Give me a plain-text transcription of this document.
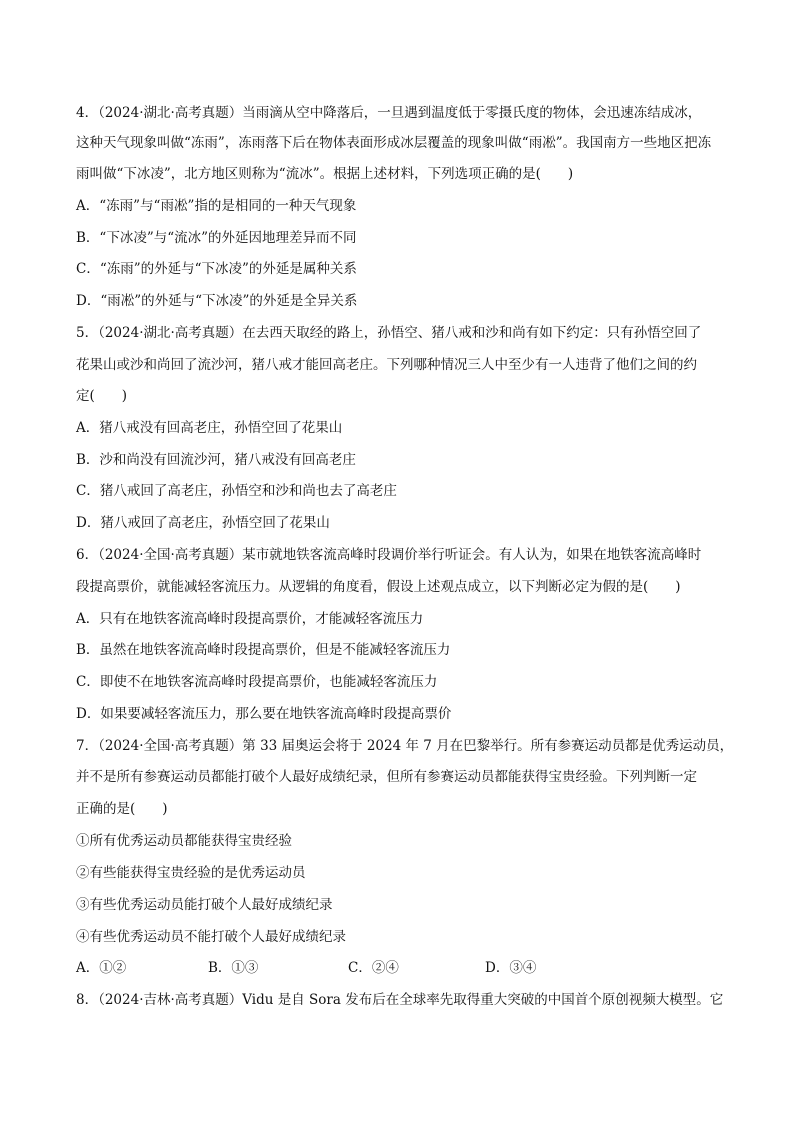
4．（2024·湖北·高考真题）当雨滴从空中降落后，一旦遇到温度低于零摄氏度的物体，会迅速冻结成冰，
这种天气现象叫做“冻雨”，冻雨落下后在物体表面形成冰层覆盖的现象叫做“雨凇”。我国南方一些地区把冻
雨叫做“下冰凌”，北方地区则称为“流冰”。根据上述材料，下列选项正确的是(　　)
A．“冻雨”与“雨凇”指的是相同的一种天气现象
B．“下冰凌”与“流冰”的外延因地理差异而不同
C．“冻雨”的外延与“下冰凌”的外延是属种关系
D．“雨凇”的外延与“下冰凌”的外延是全异关系
5．（2024·湖北·高考真题）在去西天取经的路上，孙悟空、猪八戒和沙和尚有如下约定：只有孙悟空回了
花果山或沙和尚回了流沙河，猪八戒才能回高老庄。下列哪种情况三人中至少有一人违背了他们之间的约
定(　　)
A．猪八戒没有回高老庄，孙悟空回了花果山
B．沙和尚没有回流沙河，猪八戒没有回高老庄
C．猪八戒回了高老庄，孙悟空和沙和尚也去了高老庄
D．猪八戒回了高老庄，孙悟空回了花果山
6．（2024·全国·高考真题）某市就地铁客流高峰时段调价举行听证会。有人认为，如果在地铁客流高峰时
段提高票价，就能减轻客流压力。从逻辑的角度看，假设上述观点成立，以下判断必定为假的是(　　)
A．只有在地铁客流高峰时段提高票价，才能减轻客流压力
B．虽然在地铁客流高峰时段提高票价，但是不能减轻客流压力
C．即使不在地铁客流高峰时段提高票价，也能减轻客流压力
D．如果要减轻客流压力，那么要在地铁客流高峰时段提高票价
7．（2024·全国·高考真题）第 33 届奥运会将于 2024 年 7 月在巴黎举行。所有参赛运动员都是优秀运动员，
并不是所有参赛运动员都能打破个人最好成绩纪录，但所有参赛运动员都能获得宝贵经验。下列判断一定
正确的是(　　)
①所有优秀运动员都能获得宝贵经验
②有些能获得宝贵经验的是优秀运动员
③有些优秀运动员能打破个人最好成绩纪录
④有些优秀运动员不能打破个人最好成绩纪录
A．①②	B．①③	C．②④	D．③④
8．（2024·吉林·高考真题）Vidu 是自 Sora 发布后在全球率先取得重大突破的中国首个原创视频大模型。它
